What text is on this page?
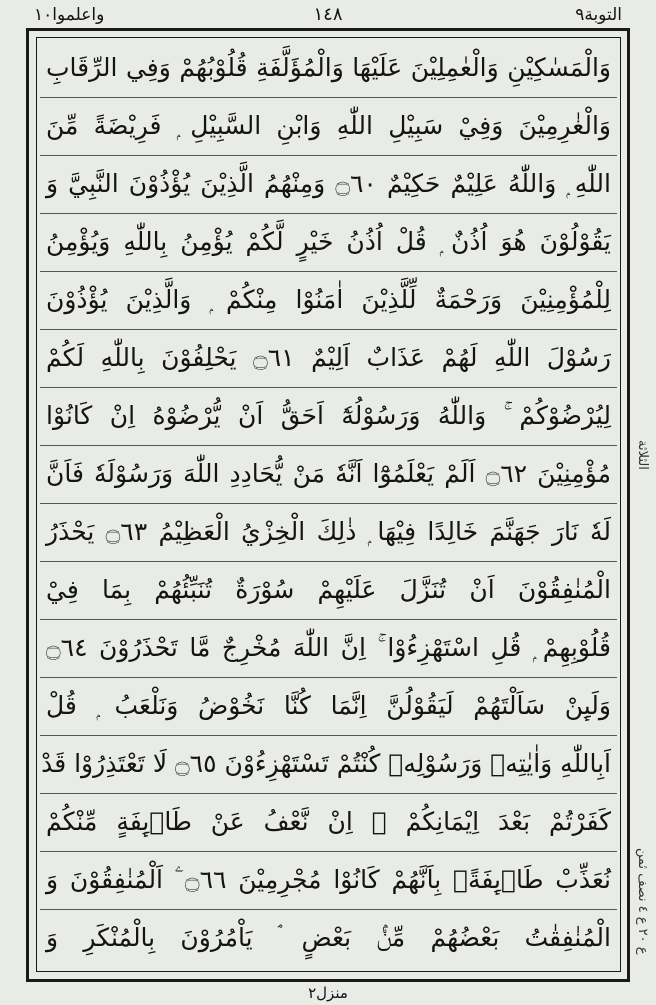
واعلموا١٠	١٤٨	التوبة٩
وَالْمَسٰكِيْنِ وَالْعٰمِلِيْنَ عَلَيْهَا وَالْمُؤَلَّفَةِ قُلُوْبُهُمْ وَفِي الرِّقَابِ
وَالْغٰرِمِيْنَ وَفِيْ سَبِيْلِ اللّٰهِ وَابْنِ السَّبِيْلِ ۭ فَرِيْضَةً مِّنَ
اللّٰهِ ۭ وَاللّٰهُ عَلِيْمٌ حَكِيْمٌ ۝٦٠ وَمِنْهُمُ الَّذِيْنَ يُؤْذُوْنَ النَّبِيَّ وَ
يَقُوْلُوْنَ هُوَ اُذُنٌ ۭ قُلْ اُذُنُ خَيْرٍ لَّكُمْ يُؤْمِنُ بِاللّٰهِ وَيُؤْمِنُ
لِلْمُؤْمِنِيْنَ وَرَحْمَةٌ لِّلَّذِيْنَ اٰمَنُوْا مِنْكُمْ ۭ وَالَّذِيْنَ يُؤْذُوْنَ
رَسُوْلَ اللّٰهِ لَهُمْ عَذَابٌ اَلِيْمٌ ۝٦١ يَحْلِفُوْنَ بِاللّٰهِ لَكُمْ
لِيُرْضُوْكُمْ ۚ وَاللّٰهُ وَرَسُوْلُهٗٓ اَحَقُّ اَنْ يُّرْضُوْهُ اِنْ كَانُوْا
مُؤْمِنِيْنَ ۝٦٢ اَلَمْ يَعْلَمُوْٓا اَنَّهٗ مَنْ يُّحَادِدِ اللّٰهَ وَرَسُوْلَهٗ فَاَنَّ
لَهٗ نَارَ جَهَنَّمَ خَالِدًا فِيْهَا ۭ ذٰلِكَ الْخِزْيُ الْعَظِيْمُ ۝٦٣ يَحْذَرُ
الْمُنٰفِقُوْنَ اَنْ تُنَزَّلَ عَلَيْهِمْ سُوْرَةٌ تُنَبِّئُهُمْ بِمَا فِيْ
قُلُوْبِهِمْ ۭ قُلِ اسْتَهْزِءُوْا ۚ اِنَّ اللّٰهَ مُخْرِجٌ مَّا تَحْذَرُوْنَ ۝٦٤
وَلَىِٕنْ سَاَلْتَهُمْ لَيَقُوْلُنَّ اِنَّمَا كُنَّا نَخُوْضُ وَنَلْعَبُ ۭ قُلْ
اَبِاللّٰهِ وَاٰيٰتِهٖ وَرَسُوْلِهٖ كُنْتُمْ تَسْتَهْزِءُوْنَ ۝٦٥ لَا تَعْتَذِرُوْا قَدْ
كَفَرْتُمْ بَعْدَ اِيْمَانِكُمْ ۭ اِنْ نَّعْفُ عَنْ طَاۗىِٕفَةٍ مِّنْكُمْ
نُعَذِّبْ طَاۗىِٕفَةًۢ بِاَنَّهُمْ كَانُوْا مُجْرِمِيْنَ ۝٦٦ ۧ اَلْمُنٰفِقُوْنَ وَ
الْمُنٰفِقٰتُ بَعْضُهُمْ مِّنْۢ بَعْضٍ ۘ يَاْمُرُوْنَ بِالْمُنْكَرِ وَ
الثلاثة
ع ٢٠ ع ٤ نصف ثمن
منزل٢
